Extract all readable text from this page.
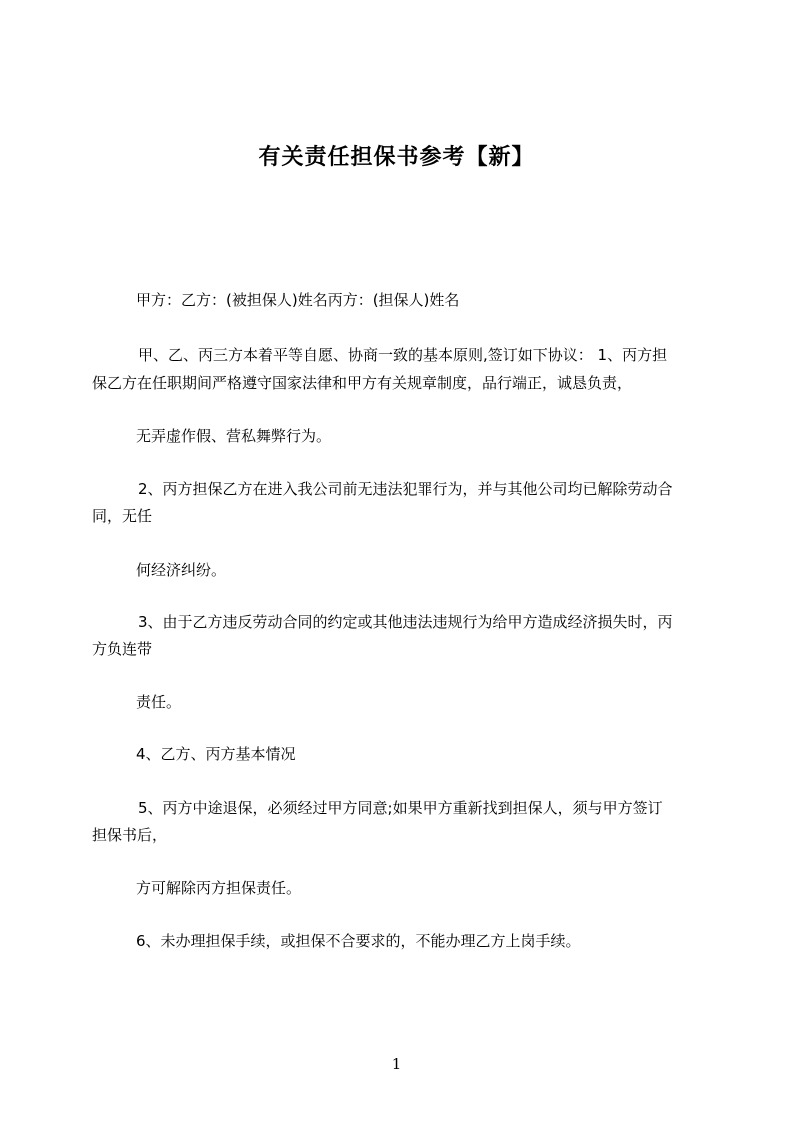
有关责任担保书参考【新】
甲方：乙方：(被担保人)姓名丙方：(担保人)姓名
甲、乙、丙三方本着平等自愿、协商一致的基本原则,签订如下协议： 1、丙方担
保乙方在任职期间严格遵守国家法律和甲方有关规章制度，品行端正，诚恳负责，
无弄虚作假、营私舞弊行为。
2、丙方担保乙方在进入我公司前无违法犯罪行为，并与其他公司均已解除劳动合
同，无任
何经济纠纷。
3、由于乙方违反劳动合同的约定或其他违法违规行为给甲方造成经济损失时，丙
方负连带
责任。
4、乙方、丙方基本情况
5、丙方中途退保，必须经过甲方同意;如果甲方重新找到担保人，须与甲方签订
担保书后，
方可解除丙方担保责任。
6、未办理担保手续，或担保不合要求的，不能办理乙方上岗手续。
1
